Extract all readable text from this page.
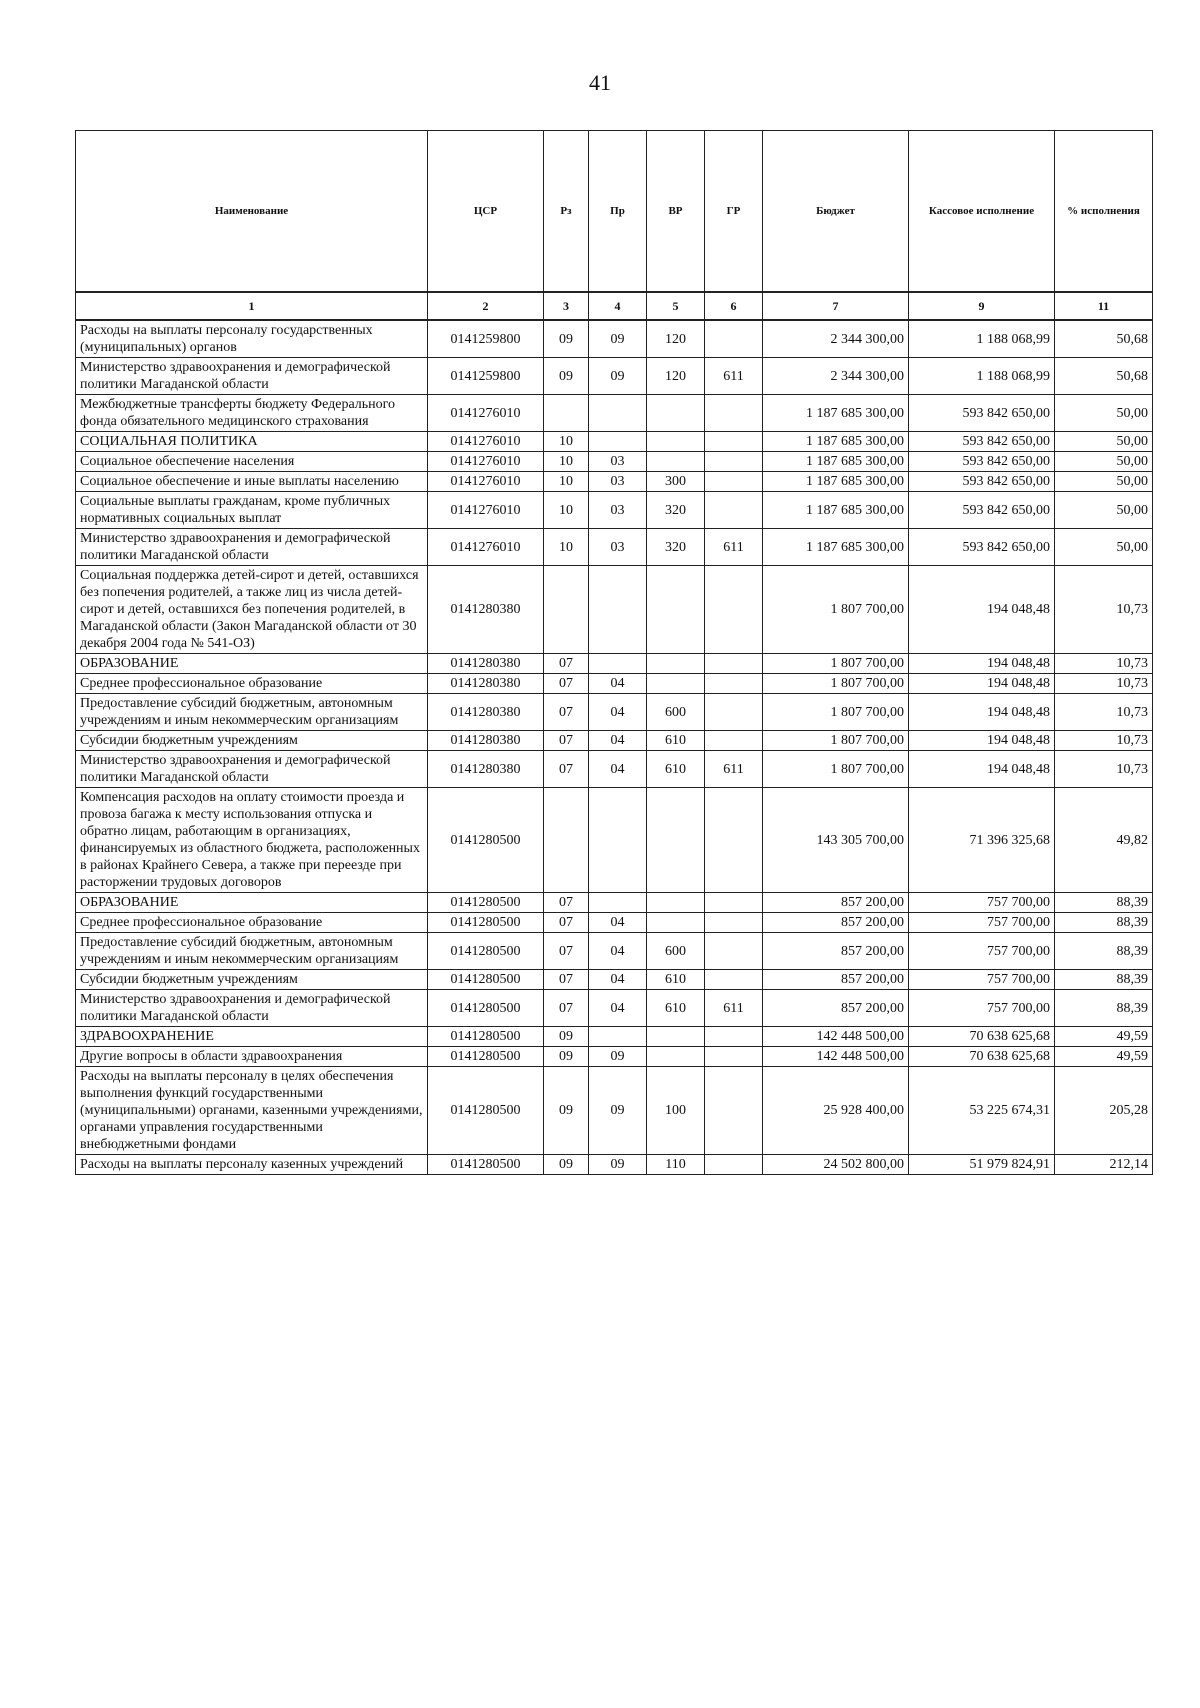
41
Наименование	ЦСР	Рз	Пр	ВР	ГР	Бюджет	Кассовое исполнение	% исполнения
1	2	3	4	5	6	7	9	11
Расходы на выплаты персоналу государственных (муниципальных) органов	0141259800	09	09	120		2 344 300,00	1 188 068,99	50,68
Министерство здравоохранения и демографической политики Магаданской области	0141259800	09	09	120	611	2 344 300,00	1 188 068,99	50,68
Межбюджетные трансферты бюджету Федерального фонда обязательного медицинского страхования	0141276010					1 187 685 300,00	593 842 650,00	50,00
СОЦИАЛЬНАЯ ПОЛИТИКА	0141276010	10				1 187 685 300,00	593 842 650,00	50,00
Социальное обеспечение населения	0141276010	10	03			1 187 685 300,00	593 842 650,00	50,00
Социальное обеспечение и иные выплаты населению	0141276010	10	03	300		1 187 685 300,00	593 842 650,00	50,00
Социальные выплаты гражданам, кроме публичных нормативных социальных выплат	0141276010	10	03	320		1 187 685 300,00	593 842 650,00	50,00
Министерство здравоохранения и демографической политики Магаданской области	0141276010	10	03	320	611	1 187 685 300,00	593 842 650,00	50,00
Социальная поддержка детей-сирот и детей, оставшихся без попечения родителей, а также лиц из числа детей-сирот и детей, оставшихся без попечения родителей, в Магаданской области (Закон Магаданской области от 30 декабря 2004 года № 541-ОЗ)	0141280380					1 807 700,00	194 048,48	10,73
ОБРАЗОВАНИЕ	0141280380	07				1 807 700,00	194 048,48	10,73
Среднее профессиональное образование	0141280380	07	04			1 807 700,00	194 048,48	10,73
Предоставление субсидий бюджетным, автономным учреждениям и иным некоммерческим организациям	0141280380	07	04	600		1 807 700,00	194 048,48	10,73
Субсидии бюджетным учреждениям	0141280380	07	04	610		1 807 700,00	194 048,48	10,73
Министерство здравоохранения и демографической политики Магаданской области	0141280380	07	04	610	611	1 807 700,00	194 048,48	10,73
Компенсация расходов на оплату стоимости проезда и провоза багажа к месту использования отпуска и обратно лицам, работающим в организациях, финансируемых из областного бюджета, расположенных в районах Крайнего Севера, а также при переезде при расторжении трудовых договоров	0141280500					143 305 700,00	71 396 325,68	49,82
ОБРАЗОВАНИЕ	0141280500	07				857 200,00	757 700,00	88,39
Среднее профессиональное образование	0141280500	07	04			857 200,00	757 700,00	88,39
Предоставление субсидий бюджетным, автономным учреждениям и иным некоммерческим организациям	0141280500	07	04	600		857 200,00	757 700,00	88,39
Субсидии бюджетным учреждениям	0141280500	07	04	610		857 200,00	757 700,00	88,39
Министерство здравоохранения и демографической политики Магаданской области	0141280500	07	04	610	611	857 200,00	757 700,00	88,39
ЗДРАВООХРАНЕНИЕ	0141280500	09				142 448 500,00	70 638 625,68	49,59
Другие вопросы в области здравоохранения	0141280500	09	09			142 448 500,00	70 638 625,68	49,59
Расходы на выплаты персоналу в целях обеспечения выполнения функций государственными (муниципальными) органами, казенными учреждениями, органами управления государственными внебюджетными фондами	0141280500	09	09	100		25 928 400,00	53 225 674,31	205,28
Расходы на выплаты персоналу казенных учреждений	0141280500	09	09	110		24 502 800,00	51 979 824,91	212,14
